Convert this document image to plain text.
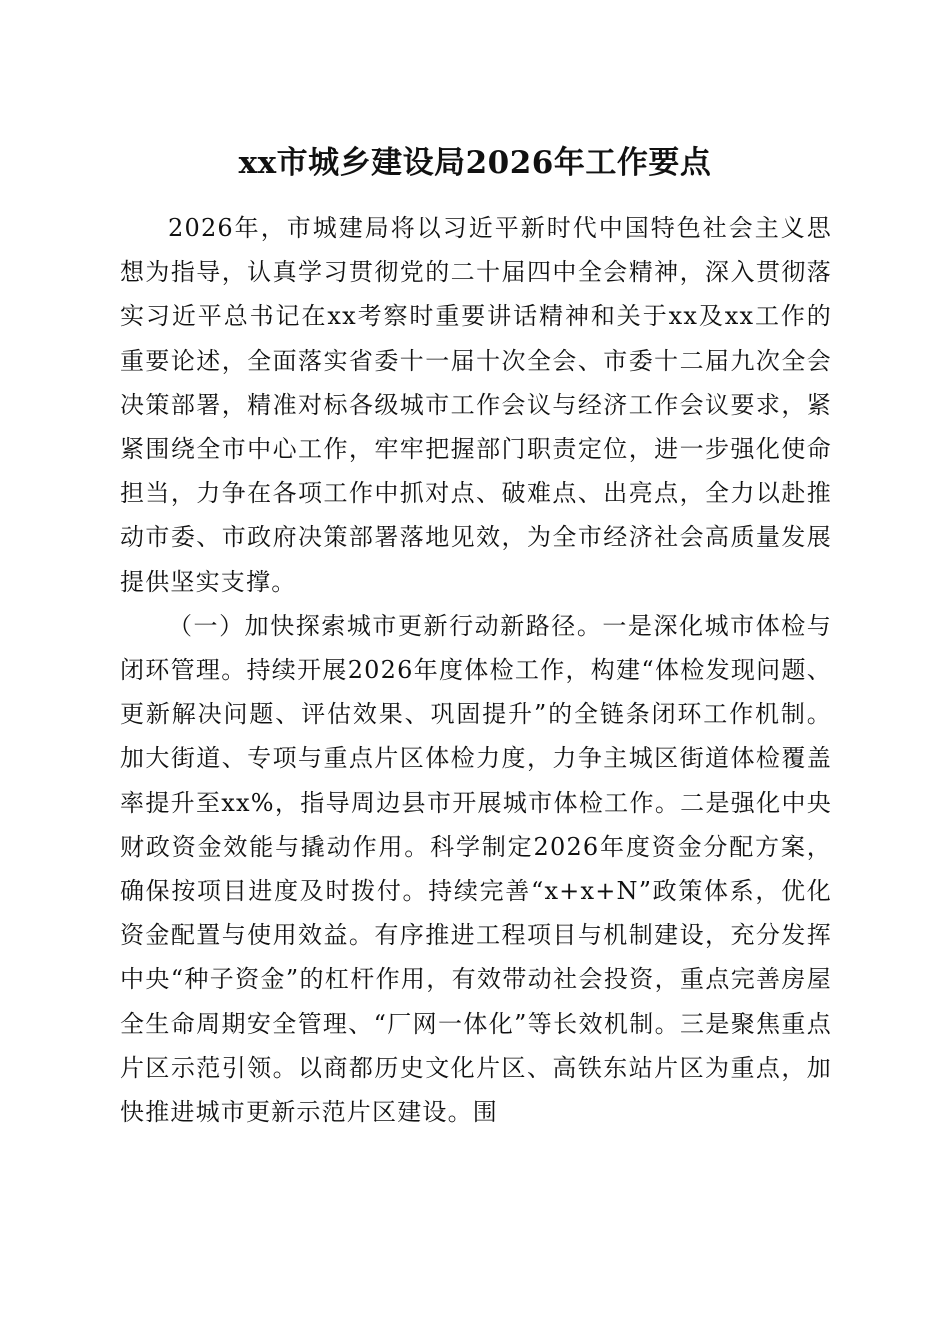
xx市城乡建设局2026年工作要点

2026年，市城建局将以习近平新时代中国特色社会主义思想为指导，认真学习贯彻党的二十届四中全会精神，深入贯彻落实习近平总书记在xx考察时重要讲话精神和关于xx及xx工作的重要论述，全面落实省委十一届十次全会、市委十二届九次全会决策部署，精准对标各级城市工作会议与经济工作会议要求，紧紧围绕全市中心工作，牢牢把握部门职责定位，进一步强化使命担当，力争在各项工作中抓对点、破难点、出亮点，全力以赴推动市委、市政府决策部署落地见效，为全市经济社会高质量发展提供坚实支撑。

（一）加快探索城市更新行动新路径。一是深化城市体检与闭环管理。持续开展2026年度体检工作，构建“体检发现问题、更新解决问题、评估效果、巩固提升”的全链条闭环工作机制。加大街道、专项与重点片区体检力度，力争主城区街道体检覆盖率提升至xx%，指导周边县市开展城市体检工作。二是强化中央财政资金效能与撬动作用。科学制定2026年度资金分配方案，确保按项目进度及时拨付。持续完善“x+x+N”政策体系，优化资金配置与使用效益。有序推进工程项目与机制建设，充分发挥中央“种子资金”的杠杆作用，有效带动社会投资，重点完善房屋全生命周期安全管理、“厂网一体化”等长效机制。三是聚焦重点片区示范引领。以商都历史文化片区、高铁东站片区为重点，加快推进城市更新示范片区建设。围
